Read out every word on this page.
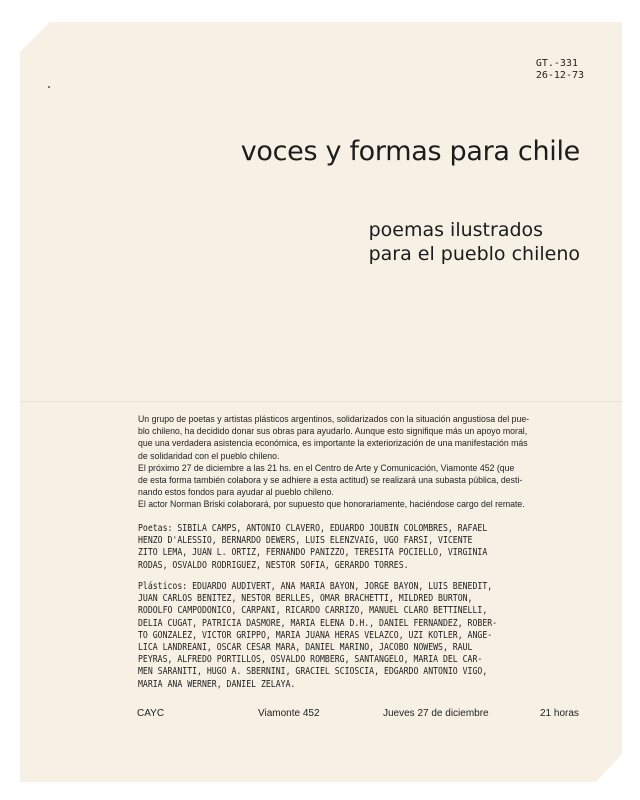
GT.-331
26-12-73
voces y formas para chile
poemas ilustrados
para el pueblo chileno
Un grupo de poetas y artistas plásticos argentinos, solidarizados con la situación angustiosa del pue-
blo chileno, ha decidido donar sus obras para ayudarlo. Aunque esto signifique más un apoyo moral,
que una verdadera asistencia económica, es importante la exteriorización de una manifestación más
de solidaridad con el pueblo chileno.
El próximo 27 de diciembre a las 21 hs. en el Centro de Arte y Comunicación, Viamonte 452 (que
de esta forma también colabora y se adhiere a esta actitud) se realizará una subasta pública, desti-
nando estos fondos para ayudar al pueblo chileno.
El actor Norman Briski colaborará, por supuesto que honorariamente, haciéndose cargo del remate.
Poetas: SIBILA CAMPS, ANTONIO CLAVERO, EDUARDO JOUBIN COLOMBRES, RAFAEL
HENZO D'ALESSIO, BERNARDO DEWERS, LUIS ELENZVAIG, UGO FARSI, VICENTE
ZITO LEMA, JUAN L. ORTIZ, FERNANDO PANIZZO, TERESITA POCIELLO, VIRGINIA
RODAS, OSVALDO RODRIGUEZ, NESTOR SOFIA, GERARDO TORRES.
Plásticos: EDUARDO AUDIVERT, ANA MARIA BAYON, JORGE BAYON, LUIS BENEDIT,
JUAN CARLOS BENITEZ, NESTOR BERLLES, OMAR BRACHETTI, MILDRED BURTON,
RODOLFO CAMPODONICO, CARPANI, RICARDO CARRIZO, MANUEL CLARO BETTINELLI,
DELIA CUGAT, PATRICIA DASMORE, MARIA ELENA D.H., DANIEL FERNANDEZ, ROBER-
TO GONZALEZ, VICTOR GRIPPO, MARIA JUANA HERAS VELAZCO, UZI KOTLER, ANGE-
LICA LANDREANI, OSCAR CESAR MARA, DANIEL MARINO, JACOBO NOWEWS, RAUL
PEYRAS, ALFREDO PORTILLOS, OSVALDO ROMBERG, SANTANGELO, MARIA DEL CAR-
MEN SARANITI, HUGO A. SBERNINI, GRACIEL SCIOSCIA, EDGARDO ANTONIO VIGO,
MARIA ANA WERNER, DANIEL ZELAYA.
CAYC	Viamonte 452	Jueves 27 de diciembre	21 horas
